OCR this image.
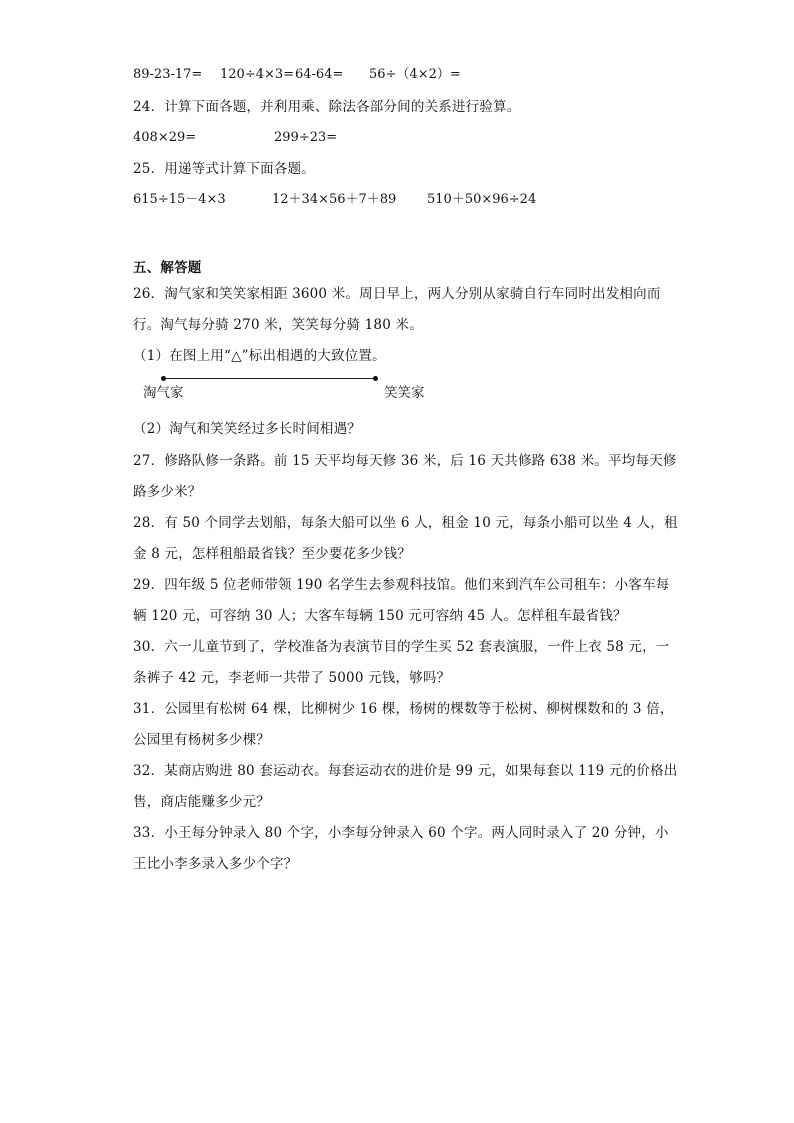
89-23-17= 120÷4×3= 64-64= 56÷（4×2）=
24．计算下面各题，并利用乘、除法各部分间的关系进行验算。
408×29=	299÷23=
25．用递等式计算下面各题。
615÷15－4×3	12＋34×56＋7＋89 510＋50×96÷24
五、解答题
26．淘气家和笑笑家相距 3600 米。周日早上，两人分别从家骑自行车同时出发相向而
行。淘气每分骑 270 米，笑笑每分骑 180 米。
（1）在图上用“△”标出相遇的大致位置。
淘气家	笑笑家
（2）淘气和笑笑经过多长时间相遇？
27．修路队修一条路。前 15 天平均每天修 36 米，后 16 天共修路 638 米。平均每天修
路多少米？
28．有 50 个同学去划船，每条大船可以坐 6 人，租金 10 元，每条小船可以坐 4 人，租
金 8 元，怎样租船最省钱？至少要花多少钱？
29．四年级 5 位老师带领 190 名学生去参观科技馆。他们来到汽车公司租车：小客车每
辆 120 元，可容纳 30 人；大客车每辆 150 元可容纳 45 人。怎样租车最省钱？
30．六一儿童节到了，学校准备为表演节目的学生买 52 套表演服，一件上衣 58 元，一
条裤子 42 元，李老师一共带了 5000 元钱，够吗？
31．公园里有松树 64 棵，比柳树少 16 棵，杨树的棵数等于松树、柳树棵数和的 3 倍，
公园里有杨树多少棵？
32．某商店购进 80 套运动衣。每套运动衣的进价是 99 元，如果每套以 119 元的价格出
售，商店能赚多少元？
33．小王每分钟录入 80 个字，小李每分钟录入 60 个字。两人同时录入了 20 分钟，小
王比小李多录入多少个字？
